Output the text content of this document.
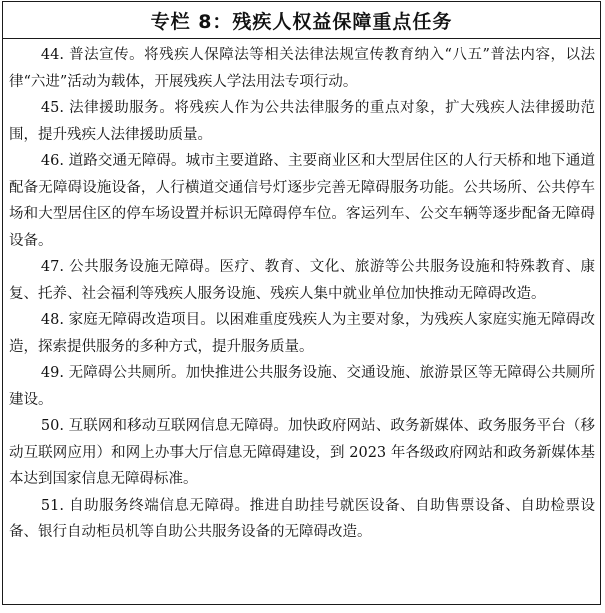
专栏 8：残疾人权益保障重点任务

44. 普法宣传。将残疾人保障法等相关法律法规宣传教育纳入“八五”普法内容，以法律“六进”活动为载体，开展残疾人学法用法专项行动。

45. 法律援助服务。将残疾人作为公共法律服务的重点对象，扩大残疾人法律援助范围，提升残疾人法律援助质量。

46. 道路交通无障碍。城市主要道路、主要商业区和大型居住区的人行天桥和地下通道配备无障碍设施设备，人行横道交通信号灯逐步完善无障碍服务功能。公共场所、公共停车场和大型居住区的停车场设置并标识无障碍停车位。客运列车、公交车辆等逐步配备无障碍设备。

47. 公共服务设施无障碍。医疗、教育、文化、旅游等公共服务设施和特殊教育、康复、托养、社会福利等残疾人服务设施、残疾人集中就业单位加快推动无障碍改造。

48. 家庭无障碍改造项目。以困难重度残疾人为主要对象，为残疾人家庭实施无障碍改造，探索提供服务的多种方式，提升服务质量。

49. 无障碍公共厕所。加快推进公共服务设施、交通设施、旅游景区等无障碍公共厕所建设。

50. 互联网和移动互联网信息无障碍。加快政府网站、政务新媒体、政务服务平台（移动互联网应用）和网上办事大厅信息无障碍建设，到 2023 年各级政府网站和政务新媒体基本达到国家信息无障碍标准。

51. 自助服务终端信息无障碍。推进自助挂号就医设备、自助售票设备、自助检票设备、银行自动柜员机等自助公共服务设备的无障碍改造。
